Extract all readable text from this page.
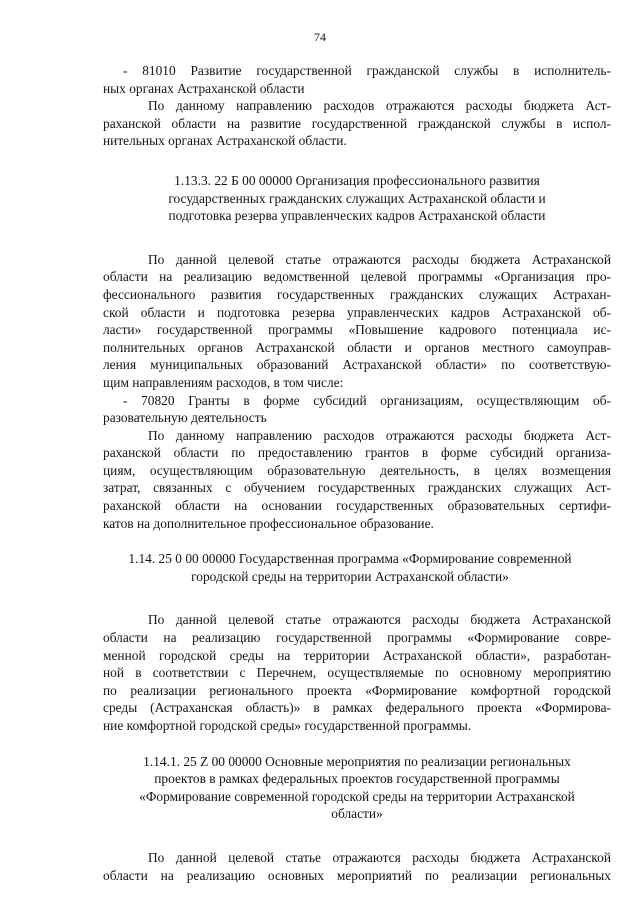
74
- 81010 Развитие государственной гражданской службы в исполнитель-
ных органах Астраханской области
По данному направлению расходов отражаются расходы бюджета Аст-
раханской области на развитие государственной гражданской службы в испол-
нительных органах Астраханской области.
1.13.3. 22 Б 00 00000 Организация профессионального развития
государственных гражданских служащих Астраханской области и
подготовка резерва управленческих кадров Астраханской области
По данной целевой статье отражаются расходы бюджета Астраханской
области на реализацию ведомственной целевой программы «Организация про-
фессионального развития государственных гражданских служащих Астрахан-
ской области и подготовка резерва управленческих кадров Астраханской об-
ласти» государственной программы «Повышение кадрового потенциала ис-
полнительных органов Астраханской области и органов местного самоуправ-
ления муниципальных образований Астраханской области» по соответствую-
щим направлениям расходов, в том числе:
- 70820 Гранты в форме субсидий организациям, осуществляющим об-
разовательную деятельность
По данному направлению расходов отражаются расходы бюджета Аст-
раханской области по предоставлению грантов в форме субсидий организа-
циям, осуществляющим образовательную деятельность, в целях возмещения
затрат, связанных с обучением государственных гражданских служащих Аст-
раханской области на основании государственных образовательных сертифи-
катов на дополнительное профессиональное образование.
1.14. 25 0 00 00000 Государственная программа «Формирование современной
городской среды на территории Астраханской области»
По данной целевой статье отражаются расходы бюджета Астраханской
области на реализацию государственной программы «Формирование совре-
менной городской среды на территории Астраханской области», разработан-
ной в соответствии с Перечнем, осуществляемые по основному мероприятию
по реализации регионального проекта «Формирование комфортной городской
среды (Астраханская область)» в рамках федерального проекта «Формирова-
ние комфортной городской среды» государственной программы.
1.14.1. 25 Z 00 00000 Основные мероприятия по реализации региональных
проектов в рамках федеральных проектов государственной программы
«Формирование современной городской среды на территории Астраханской
области»
По данной целевой статье отражаются расходы бюджета Астраханской
области на реализацию основных мероприятий по реализации региональных
